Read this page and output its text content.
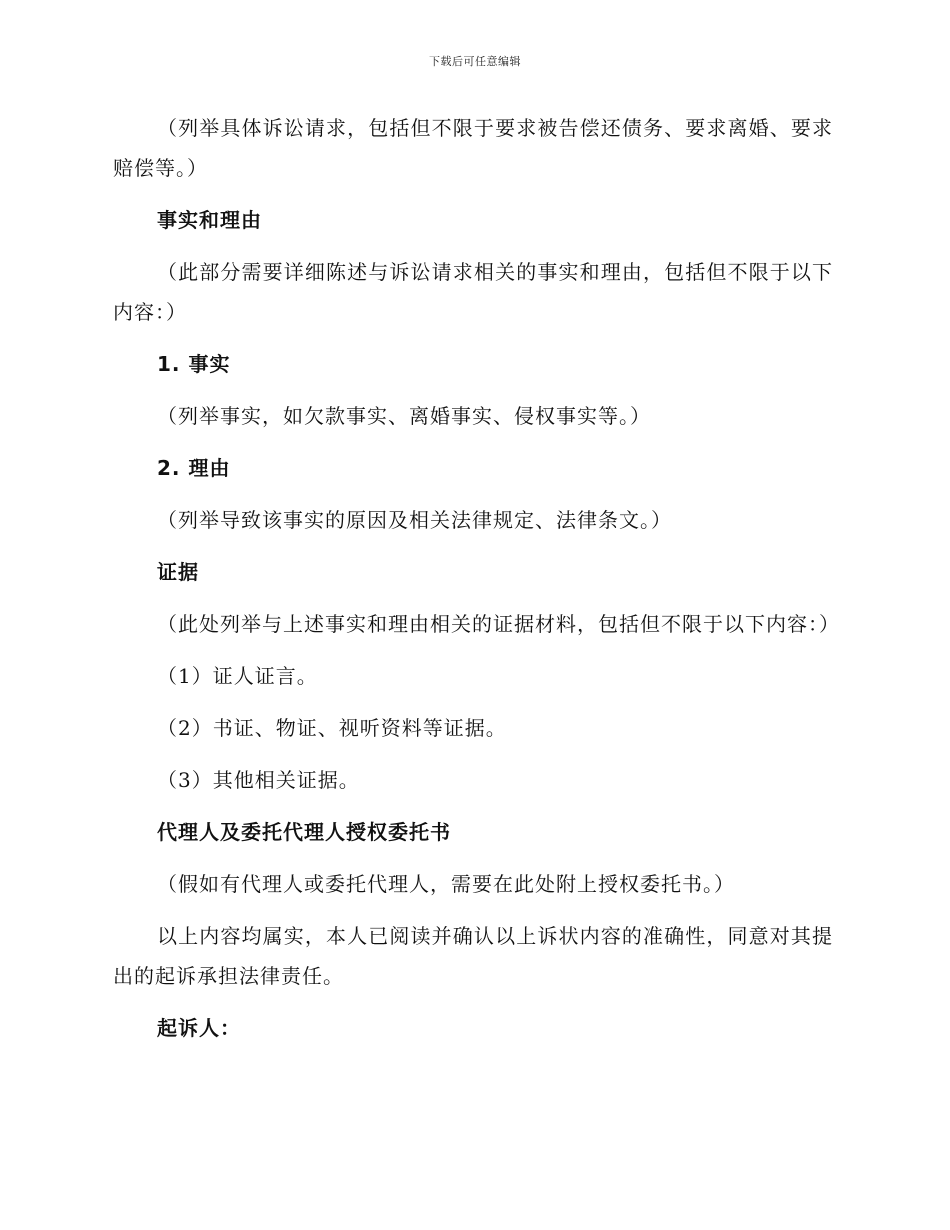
下载后可任意编辑

（列举具体诉讼请求，包括但不限于要求被告偿还债务、要求离婚、要求赔偿等。）

事实和理由

（此部分需要详细陈述与诉讼请求相关的事实和理由，包括但不限于以下内容：）

1. 事实

（列举事实，如欠款事实、离婚事实、侵权事实等。）

2. 理由

（列举导致该事实的原因及相关法律规定、法律条文。）

证据

（此处列举与上述事实和理由相关的证据材料，包括但不限于以下内容：）

（1）证人证言。

（2）书证、物证、视听资料等证据。

（3）其他相关证据。

代理人及委托代理人授权委托书

（假如有代理人或委托代理人，需要在此处附上授权委托书。）

以上内容均属实，本人已阅读并确认以上诉状内容的准确性，同意对其提出的起诉承担法律责任。

起诉人：
